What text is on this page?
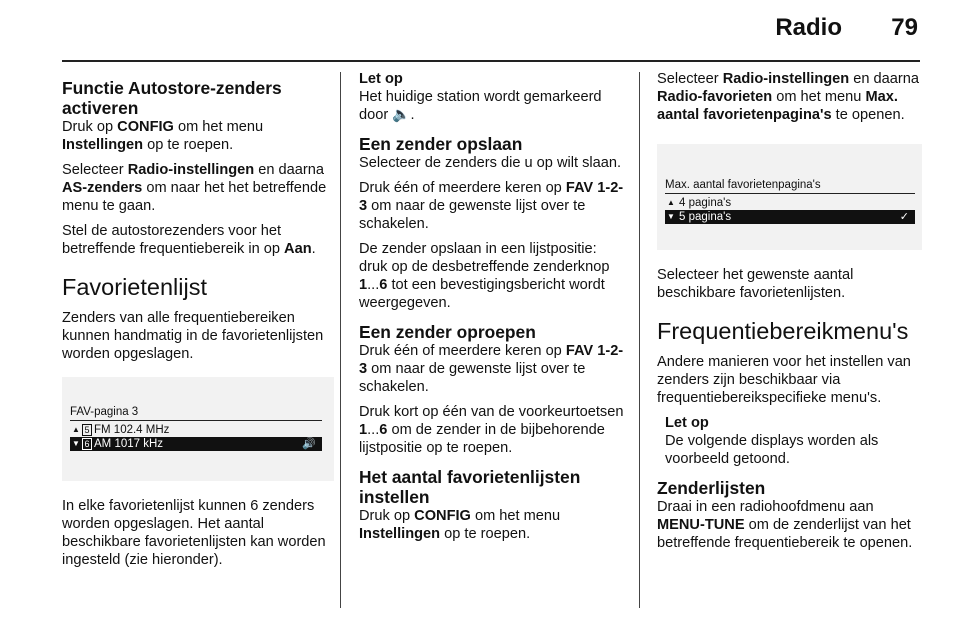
Radio 79
Functie Autostore-zenders activeren

Druk op CONFIG om het menu Instellingen op te roepen.

Selecteer Radio-instellingen en daarna AS-zenders om naar het het betreffende menu te gaan.

Stel de autostorezenders voor het betreffende frequentiebereik in op Aan.

Favorietenlijst

Zenders van alle frequentiebereiken kunnen handmatig in de favorietenlijsten worden opgeslagen.

FAV-pagina 3
▲ 5 FM 102.4 MHz
▼ 6 AM 1017 kHz	🔊

In elke favorietenlijst kunnen 6 zenders worden opgeslagen. Het aantal beschikbare favorietenlijsten kan worden ingesteld (zie hieronder).

Let op

Het huidige station wordt gemarkeerd door 🔈.

Een zender opslaan

Selecteer de zenders die u op wilt slaan.

Druk één of meerdere keren op FAV 1-2-3 om naar de gewenste lijst over te schakelen.

De zender opslaan in een lijstpositie: druk op de desbetreffende zenderknop 1...6 tot een bevestigingsbericht wordt weergegeven.

Een zender oproepen

Druk één of meerdere keren op FAV 1-2-3 om naar de gewenste lijst over te schakelen.

Druk kort op één van de voorkeurtoetsen 1...6 om de zender in de bijbehorende lijstpositie op te roepen.

Het aantal favorietenlijsten instellen

Druk op CONFIG om het menu Instellingen op te roepen.

Selecteer Radio-instellingen en daarna Radio-favorieten om het menu Max. aantal favorietenpagina's te openen.

Max. aantal favorietenpagina's
▲ 4 pagina's
▼ 5 pagina's	✓

Selecteer het gewenste aantal beschikbare favorietenlijsten.

Frequentiebereikmenu's

Andere manieren voor het instellen van zenders zijn beschikbaar via frequentiebereikspecifieke menu's.

Let op

De volgende displays worden als voorbeeld getoond.

Zenderlijsten

Draai in een radiohoofdmenu aan MENU-TUNE om de zenderlijst van het betreffende frequentiebereik te openen.
